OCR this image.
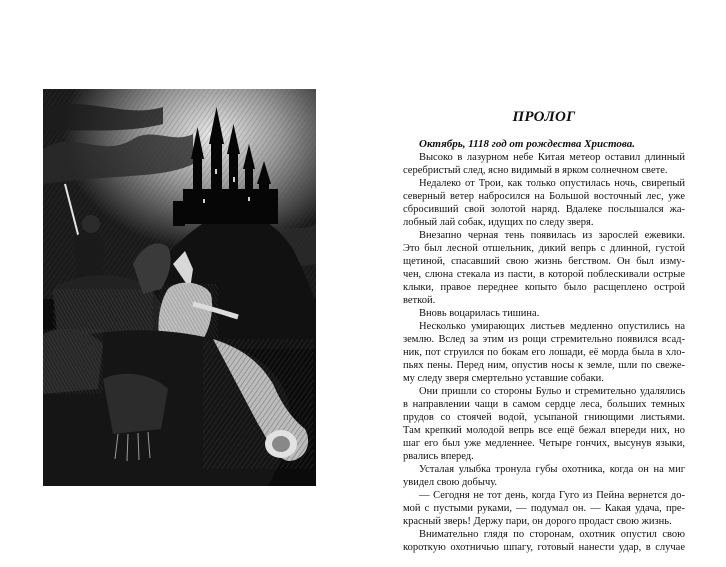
ПРОЛОГ
Октябрь, 1118 год от рождества Христова.
Высоко в лазурном небе Китая метеор оставил длинный
серебристый след, ясно видимый в ярком солнечном свете.
Недалеко от Трои, как только опустилась ночь, свирепый
северный ветер набросился на Большой восточный лес, уже
сбросивший свой золотой наряд. Вдалеке послышался жа-
лобный лай собак, идущих по следу зверя.
Внезапно черная тень появилась из зарослей ежевики.
Это был лесной отшельник, дикий вепрь с длинной, густой
щетиной, спасавший свою жизнь бегством. Он был изму-
чен, слюна стекала из пасти, в которой поблескивали острые
клыки, правое переднее копыто было расщеплено острой
веткой.
Вновь воцарилась тишина.
Несколько умирающих листьев медленно опустились на
землю. Вслед за этим из рощи стремительно появился всад-
ник, пот струился по бокам его лошади, её морда была в хло-
пьях пены. Перед ним, опустив носы к земле, шли по свеже-
му следу зверя смертельно уставшие собаки.
Они пришли со стороны Бульо и стремительно удалялись
в направлении чащи в самом сердце леса, больших темных
прудов со стоячей водой, усыпаной гниющими листьями.
Там крепкий молодой вепрь все ещё бежал впереди них, но
шаг его был уже медленнее. Четыре гончих, высунув языки,
рвались вперед.
Усталая улыбка тронула губы охотника, когда он на миг
увидел свою добычу.
— Сегодня не тот день, когда Гуго из Пейна вернется до-
мой с пустыми руками, — подумал он. — Какая удача, пре-
красный зверь! Держу пари, он дорого продаст свою жизнь.
Внимательно глядя по сторонам, охотник опустил свою
короткую охотничью шпагу, готовый нанести удар, в случае
